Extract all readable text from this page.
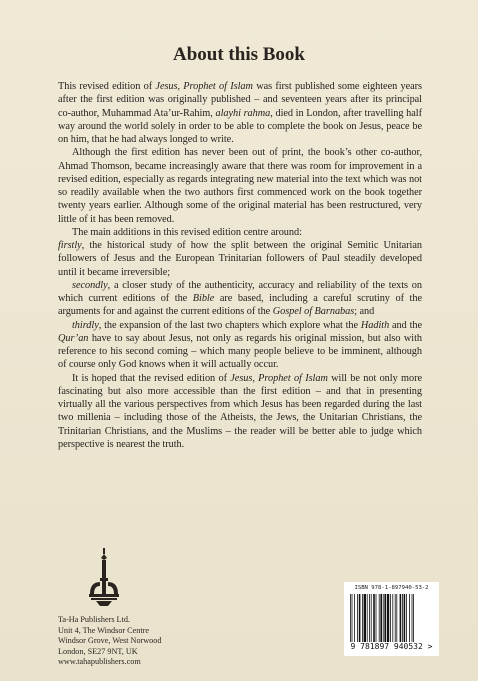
About this Book

This revised edition of Jesus, Prophet of Islam was first published some eighteen years after the first edition was originally published – and seventeen years after its principal co-author, Muhammad Ata’ur-Rahim, alayhi rahma, died in London, after travelling half way around the world solely in order to be able to complete the book on Jesus, peace be on him, that he had always longed to write.

Although the first edition has never been out of print, the book’s other co-author, Ahmad Thomson, became increasingly aware that there was room for improvement in a revised edition, especially as regards integrating new material into the text which was not so readily available when the two authors first commenced work on the book together twenty years earlier. Although some of the original material has been restructured, very little of it has been removed.

The main additions in this revised edition centre around:

firstly, the historical study of how the split between the original Semitic Unitarian followers of Jesus and the European Trinitarian followers of Paul steadily developed until it became irreversible;

secondly, a closer study of the authenticity, accuracy and reliability of the texts on which current editions of the Bible are based, including a careful scrutiny of the arguments for and against the current editions of the Gospel of Barnabas; and

thirdly, the expansion of the last two chapters which explore what the Hadith and the Qur’an have to say about Jesus, not only as regards his original mission, but also with reference to his second coming – which many people believe to be imminent, although of course only God knows when it will actually occur.

It is hoped that the revised edition of Jesus, Prophet of Islam will be not only more fascinating but also more accessible than the first edition – and that in presenting virtually all the various perspectives from which Jesus has been regarded during the last two millenia – including those of the Atheists, the Jews, the Unitarian Christians, the Trinitarian Christians, and the Muslims – the reader will be better able to judge which perspective is nearest the truth.

Ta-Ha Publishers Ltd.
Unit 4, The Windsor Centre
Windsor Grove, West Norwood
London, SE27 9NT, UK
www.tahapublishers.com
ISBN 978-1-897940-53-2
9 781897 940532 >
